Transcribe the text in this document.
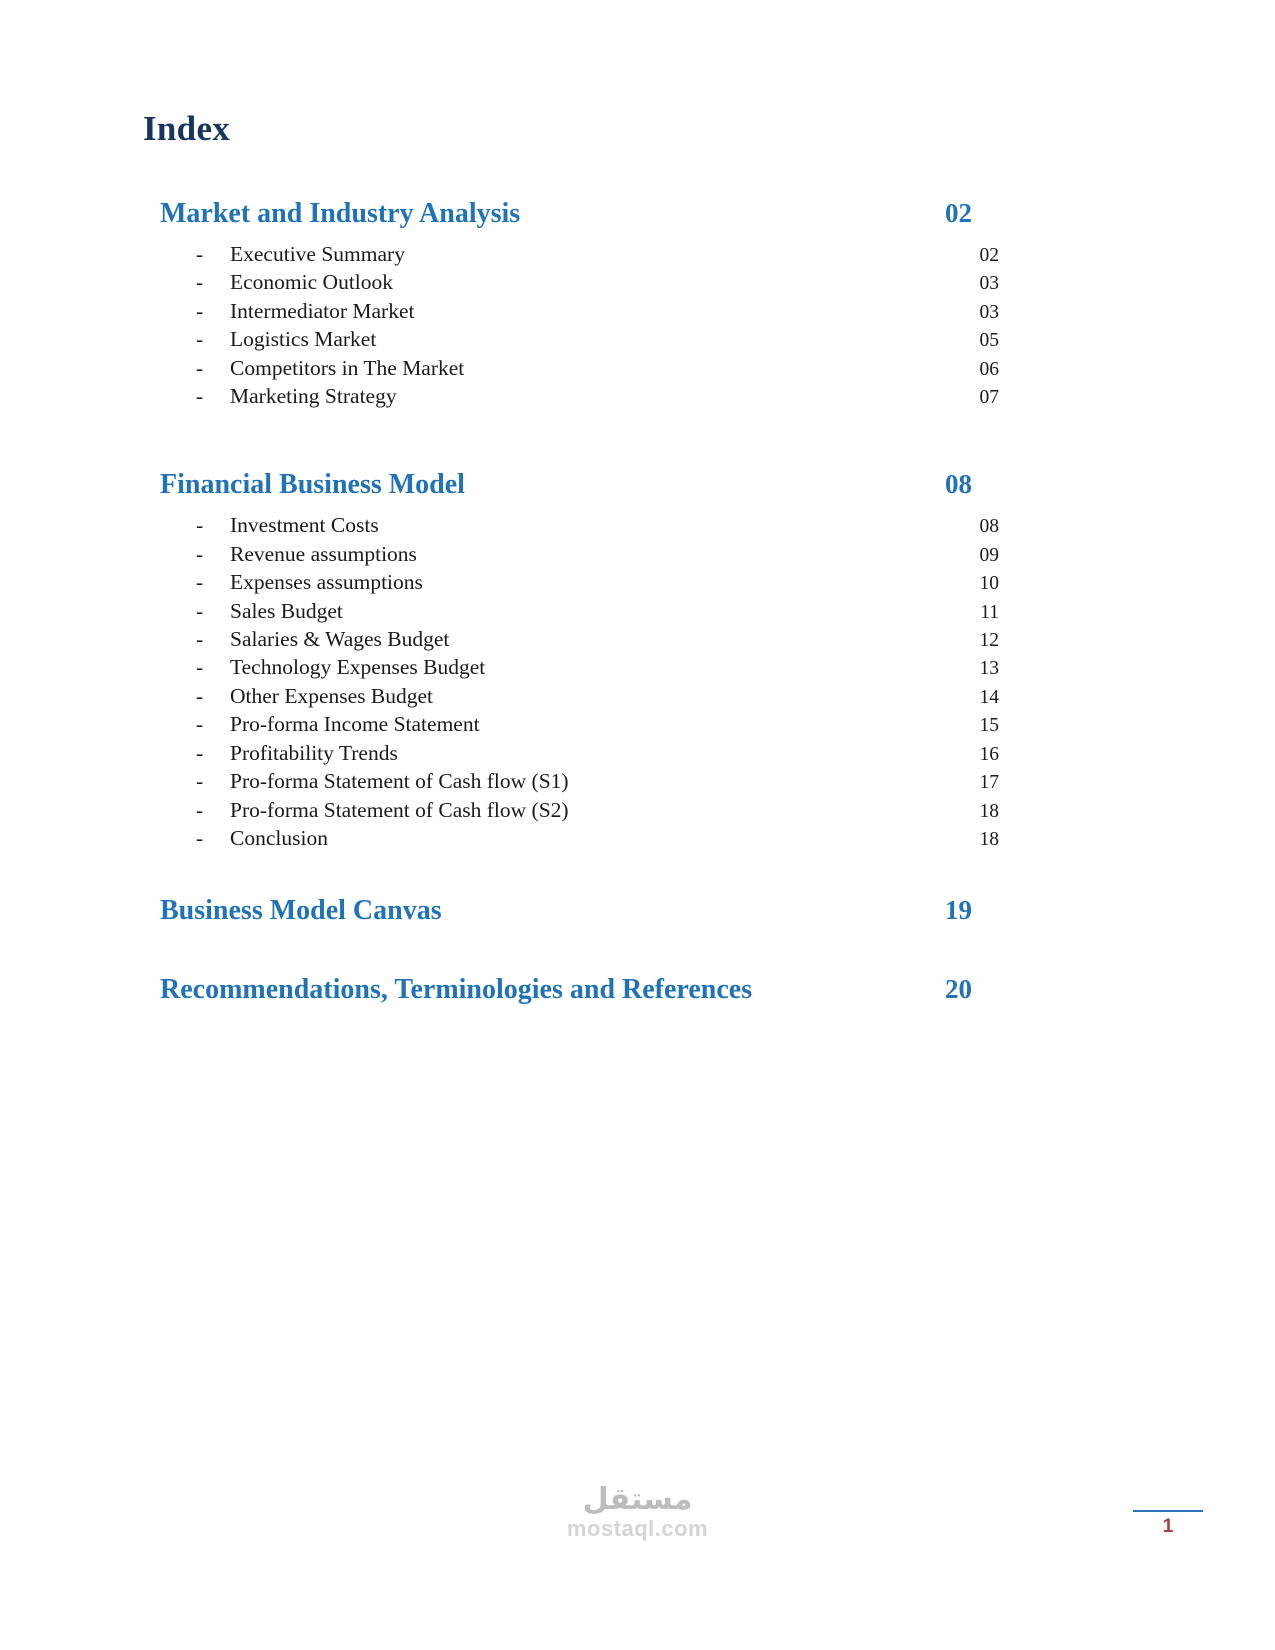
Index
Market and Industry Analysis	02
-	Executive Summary	02
-	Economic Outlook	03
-	Intermediator Market	03
-	Logistics Market	05
-	Competitors in The Market	06
-	Marketing Strategy	07
Financial Business Model	08
-	Investment Costs	08
-	Revenue assumptions	09
-	Expenses assumptions	10
-	Sales Budget	11
-	Salaries & Wages Budget	12
-	Technology Expenses Budget	13
-	Other Expenses Budget	14
-	Pro-forma Income Statement	15
-	Profitability Trends	16
-	Pro-forma Statement of Cash flow (S1)	17
-	Pro-forma Statement of Cash flow (S2)	18
-	Conclusion	18
Business Model Canvas	19
Recommendations, Terminologies and References	20
مستقل
mostaql.com	1
